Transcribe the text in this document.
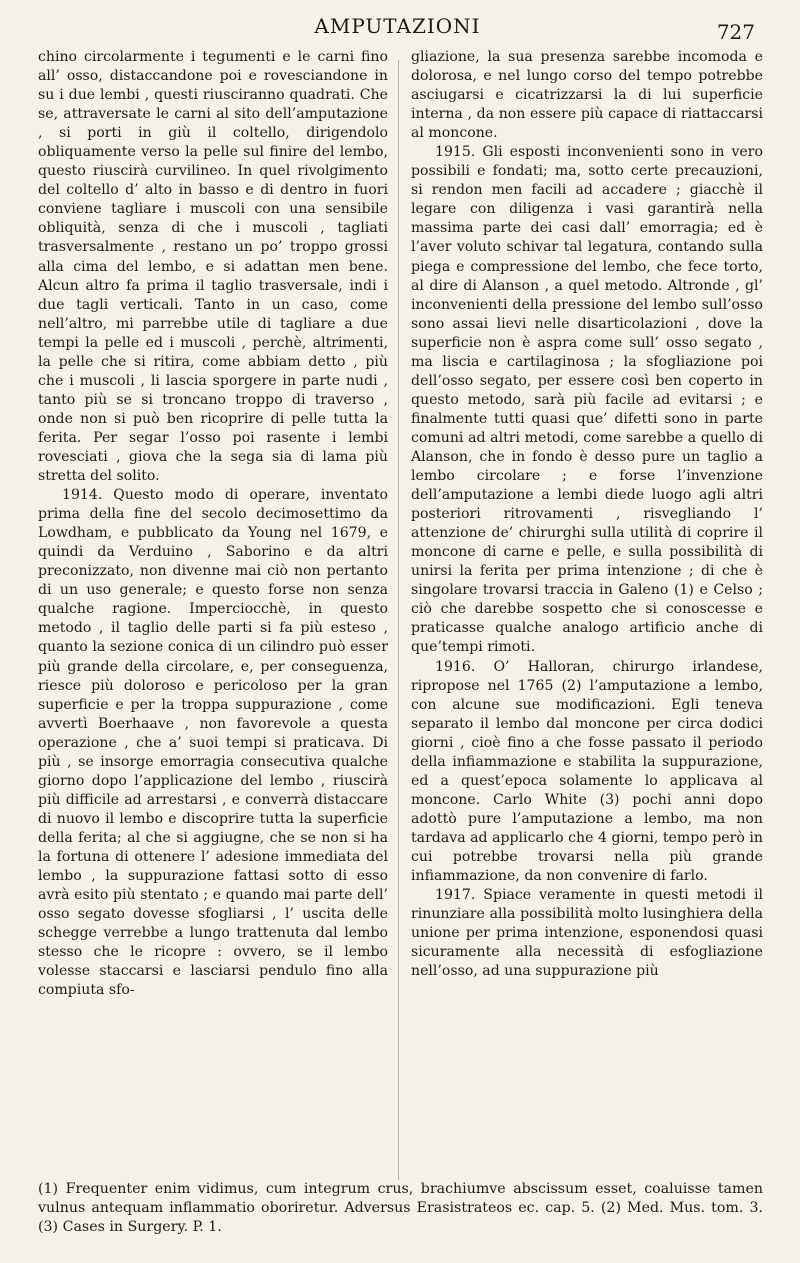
AMPUTAZIONI	727

chino circolarmente i tegumenti e le carni fino all’ osso, distaccandone poi e rovesciandone in su i due lembi , questi riusciranno quadrati. Che se, attraversate le carni al sito dell’amputazione , si porti in giù il coltello, dirigendolo obliquamente verso la pelle sul finire del lembo, questo riuscirà curvilineo. In quel rivolgimento del coltello d’ alto in basso e di dentro in fuori conviene tagliare i muscoli con una sensibile obliquità, senza di che i muscoli , tagliati trasversalmente , restano un po’ troppo grossi alla cima del lembo, e si adattan men bene. Alcun altro fa prima il taglio trasversale, indi i due tagli verticali. Tanto in un caso, come nell’altro, mi parrebbe utile di tagliare a due tempi la pelle ed i muscoli , perchè, altrimenti, la pelle che si ritira, come abbiam detto , più che i muscoli , li lascia sporgere in parte nudi , tanto più se si troncano troppo di traverso , onde non si può ben ricoprire di pelle tutta la ferita. Per segar l’osso poi rasente i lembi rovesciati , giova che la sega sia di lama più stretta del solito.

1914. Questo modo di operare, inventato prima della fine del secolo decimosettimo da Lowdham, e pubblicato da Young nel 1679, e quindi da Verduino , Saborino e da altri preconizzato, non divenne mai ciò non pertanto di un uso generale; e questo forse non senza qualche ragione. Imperciocchè, in questo metodo , il taglio delle parti si fa più esteso , quanto la sezione conica di un cilindro può esser più grande della circolare, e, per conseguenza, riesce più doloroso e pericoloso per la gran superficie e per la troppa suppurazione , come avvertì Boerhaave , non favorevole a questa operazione , che a’ suoi tempi si praticava. Di più , se insorge emorragia consecutiva qualche giorno dopo l’applicazione del lembo , riuscirà più difficile ad arrestarsi , e converrà distaccare di nuovo il lembo e discoprire tutta la superficie della ferita; al che si aggiugne, che se non si ha la fortuna di ottenere l’ adesione immediata del lembo , la suppurazione fattasi sotto di esso avrà esito più stentato ; e quando mai parte dell’ osso segato dovesse sfogliarsi , l’ uscita delle schegge verrebbe a lungo trattenuta dal lembo stesso che le ricopre : ovvero, se il lembo volesse staccarsi e lasciarsi pendulo fino alla compiuta sfo-

gliazione, la sua presenza sarebbe incomoda e dolorosa, e nel lungo corso del tempo potrebbe asciugarsi e cicatrizzarsi la di lui superficie interna , da non essere più capace di riattaccarsi al moncone.

1915. Gli esposti inconvenienti sono in vero possibili e fondati; ma, sotto certe precauzioni, si rendon men facili ad accadere ; giacchè il legare con diligenza i vasi garantirà nella massima parte dei casi dall’ emorragia; ed è l’aver voluto schivar tal legatura, contando sulla piega e compressione del lembo, che fece torto, al dire di Alanson , a quel metodo. Altronde , gl’ inconvenienti della pressione del lembo sull’osso sono assai lievi nelle disarticolazioni , dove la superficie non è aspra come sull’ osso segato , ma liscia e cartilaginosa ; la sfogliazione poi dell’osso segato, per essere così ben coperto in questo metodo, sarà più facile ad evitarsi ; e finalmente tutti quasi que’ difetti sono in parte comuni ad altri metodi, come sarebbe a quello di Alanson, che in fondo è desso pure un taglio a lembo circolare ; e forse l’invenzione dell’amputazione a lembi diede luogo agli altri posteriori ritrovamenti , risvegliando l’ attenzione de’ chirurghi sulla utilità di coprire il moncone di carne e pelle, e sulla possibilità di unirsi la ferita per prima intenzione ; di che è singolare trovarsi traccia in Galeno (1) e Celso ; ciò che darebbe sospetto che si conoscesse e praticasse qualche analogo artificio anche di que’tempi rimoti.

1916. O’ Halloran, chirurgo irlandese, ripropose nel 1765 (2) l’amputazione a lembo, con alcune sue modificazioni. Egli teneva separato il lembo dal moncone per circa dodici giorni , cioè fino a che fosse passato il periodo della infiammazione e stabilita la suppurazione, ed a quest’epoca solamente lo applicava al moncone. Carlo White (3) pochi anni dopo adottò pure l’amputazione a lembo, ma non tardava ad applicarlo che 4 giorni, tempo però in cui potrebbe trovarsi nella più grande infiammazione, da non convenire di farlo.

1917. Spiace veramente in questi metodi il rinunziare alla possibilità molto lusinghiera della unione per prima intenzione, esponendosi quasi sicuramente alla necessità di esfogliazione nell’osso, ad una suppurazione più

(1) Frequenter enim vidimus, cum integrum crus, brachiumve abscissum esset, coaluisse tamen vulnus antequam inflammatio oboriretur. Adversus Erasistrateos ec. cap. 5. (2) Med. Mus. tom. 3. (3) Cases in Surgery. P. 1.
